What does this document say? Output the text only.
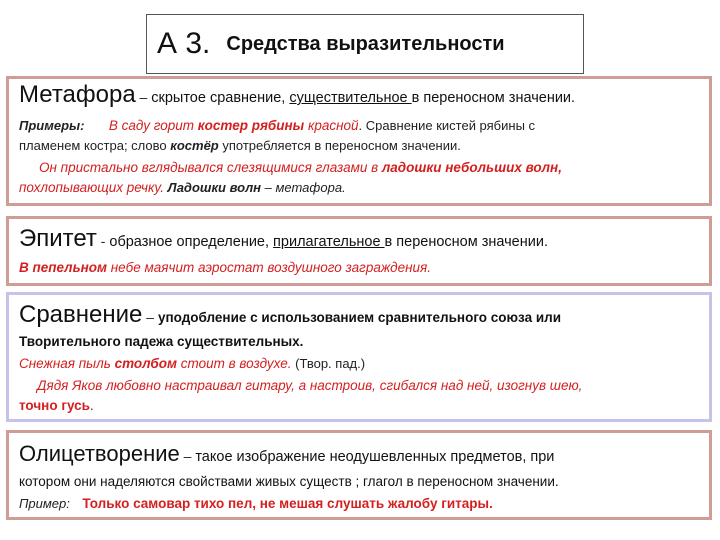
А 3. Средства выразительности
Метафора – скрытое сравнение, существительное в переносном значении.
Примеры: В саду горит костер рябины красной. Сравнение кистей рябины с
пламенем костра; слово костёр употребляется в переносном значении.
Он пристально вглядывался слезящимися глазами в ладошки небольших волн,
похлопывающих речку. Ладошки волн – метафора.
Эпитет - образное определение, прилагательное в переносном значении.
В пепельном небе маячит аэростат воздушного заграждения.
Сравнение – уподобление с использованием сравнительного союза или
Творительного падежа существительных.
Снежная пыль столбом стоит в воздухе. (Твор. пад.)
Дядя Яков любовно настраивал гитару, а настроив, сгибался над ней, изогнув шею,
точно гусь.
Олицетворение – такое изображение неодушевленных предметов, при
котором они наделяются свойствами живых существ ; глагол в переносном значении.
Пример: Только самовар тихо пел, не мешая слушать жалобу гитары.
